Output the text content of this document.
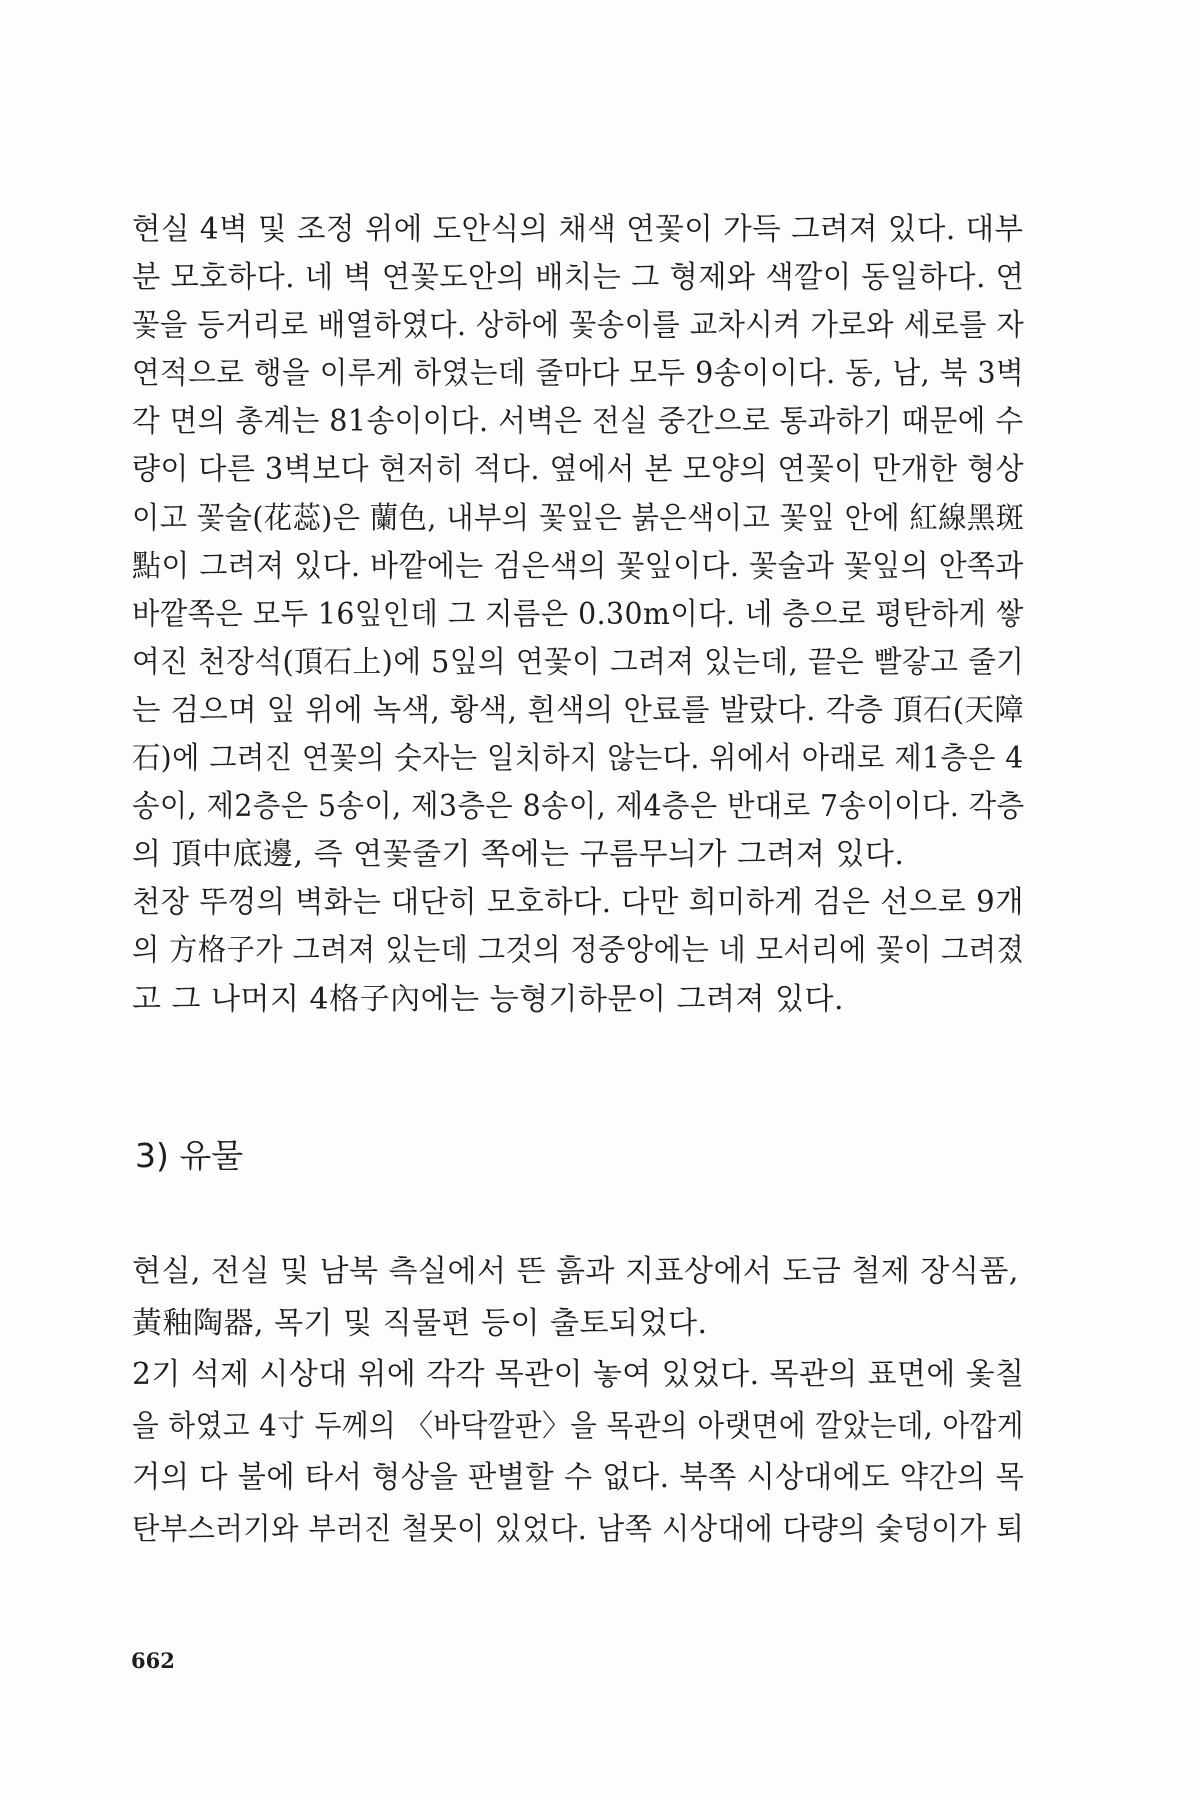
현실 4벽 및 조정 위에 도안식의 채색 연꽃이 가득 그려져 있다. 대부
분 모호하다. 네 벽 연꽃도안의 배치는 그 형제와 색깔이 동일하다. 연
꽃을 등거리로 배열하였다. 상하에 꽃송이를 교차시켜 가로와 세로를 자
연적으로 행을 이루게 하였는데 줄마다 모두 9송이이다. 동, 남, 북 3벽
각 면의 총계는 81송이이다. 서벽은 전실 중간으로 통과하기 때문에 수
량이 다른 3벽보다 현저히 적다. 옆에서 본 모양의 연꽃이 만개한 형상
이고 꽃술(花蕊)은 蘭色, 내부의 꽃잎은 붉은색이고 꽃잎 안에 紅線黑斑
點이 그려져 있다. 바깥에는 검은색의 꽃잎이다. 꽃술과 꽃잎의 안쪽과
바깥쪽은 모두 16잎인데 그 지름은 0.30m이다. 네 층으로 평탄하게 쌓
여진 천장석(頂石上)에 5잎의 연꽃이 그려져 있는데, 끝은 빨갛고 줄기
는 검으며 잎 위에 녹색, 황색, 흰색의 안료를 발랐다. 각층 頂石(天障
石)에 그려진 연꽃의 숫자는 일치하지 않는다. 위에서 아래로 제1층은 4
송이, 제2층은 5송이, 제3층은 8송이, 제4층은 반대로 7송이이다. 각층
의 頂中底邊, 즉 연꽃줄기 쪽에는 구름무늬가 그려져 있다.
천장 뚜껑의 벽화는 대단히 모호하다. 다만 희미하게 검은 선으로 9개
의 方格子가 그려져 있는데 그것의 정중앙에는 네 모서리에 꽃이 그려졌
고 그 나머지 4格子內에는 능형기하문이 그려져 있다.
3) 유물
현실, 전실 및 남북 측실에서 뜬 흙과 지표상에서 도금 철제 장식품,
黃釉陶器, 목기 및 직물편 등이 출토되었다.
2기 석제 시상대 위에 각각 목관이 놓여 있었다. 목관의 표면에 옻칠
을 하였고 4寸 두께의 〈바닥깔판〉을 목관의 아랫면에 깔았는데, 아깝게
거의 다 불에 타서 형상을 판별할 수 없다. 북쪽 시상대에도 약간의 목
탄부스러기와 부러진 철못이 있었다. 남쪽 시상대에 다량의 숯덩이가 퇴
662
